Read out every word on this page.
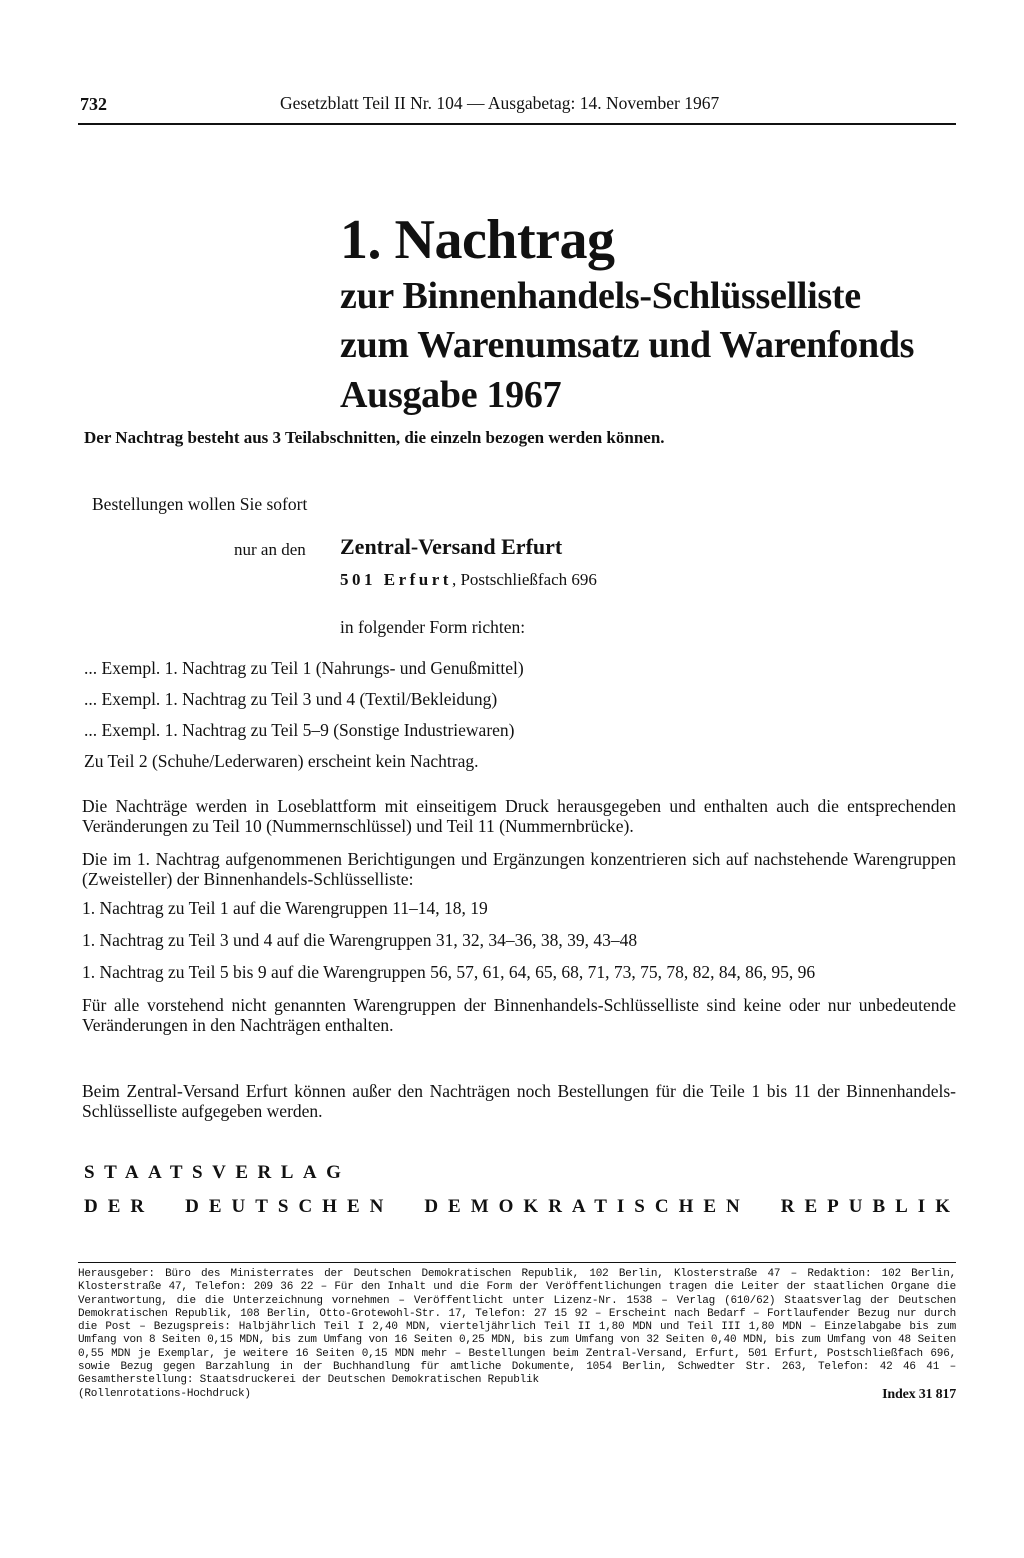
732	Gesetzblatt Teil II Nr. 104 — Ausgabetag: 14. November 1967
1. Nachtrag
zur Binnenhandels-Schlüsselliste
zum Warenumsatz und Warenfonds
Ausgabe 1967
Der Nachtrag besteht aus 3 Teilabschnitten, die einzeln bezogen werden können.
Bestellungen wollen Sie sofort
nur an den Zentral-Versand Erfurt
501 Erfurt, Postschließfach 696
in folgender Form richten:
... Exempl. 1. Nachtrag zu Teil 1 (Nahrungs- und Genußmittel)
... Exempl. 1. Nachtrag zu Teil 3 und 4 (Textil/Bekleidung)
... Exempl. 1. Nachtrag zu Teil 5–9 (Sonstige Industriewaren)
Zu Teil 2 (Schuhe/Lederwaren) erscheint kein Nachtrag.
Die Nachträge werden in Loseblattform mit einseitigem Druck herausgegeben und enthalten auch die entsprechenden Veränderungen zu Teil 10 (Nummernschlüssel) und Teil 11 (Nummernbrücke).
Die im 1. Nachtrag aufgenommenen Berichtigungen und Ergänzungen konzentrieren sich auf nachstehende Warengruppen (Zweisteller) der Binnenhandels-Schlüsselliste:
1. Nachtrag zu Teil 1 auf die Warengruppen 11–14, 18, 19
1. Nachtrag zu Teil 3 und 4 auf die Warengruppen 31, 32, 34–36, 38, 39, 43–48
1. Nachtrag zu Teil 5 bis 9 auf die Warengruppen 56, 57, 61, 64, 65, 68, 71, 73, 75, 78, 82, 84, 86, 95, 96
Für alle vorstehend nicht genannten Warengruppen der Binnenhandels-Schlüsselliste sind keine oder nur unbedeutende Veränderungen in den Nachträgen enthalten.
Beim Zentral-Versand Erfurt können außer den Nachträgen noch Bestellungen für die Teile 1 bis 11 der Binnenhandels-Schlüsselliste aufgegeben werden.
STAATSVERLAG
DER DEUTSCHEN DEMOKRATISCHEN REPUBLIK
Herausgeber: Büro des Ministerrates der Deutschen Demokratischen Republik, 102 Berlin, Klosterstraße 47 – Redaktion: 102 Berlin, Klosterstraße 47, Telefon: 209 36 22 – Für den Inhalt und die Form der Veröffentlichungen tragen die Leiter der staatlichen Organe die Verantwortung, die die Unterzeichnung vornehmen – Veröffentlicht unter Lizenz-Nr. 1538 – Verlag (610/62) Staatsverlag der Deutschen Demokratischen Republik, 108 Berlin, Otto-Grotewohl-Str. 17, Telefon: 27 15 92 – Erscheint nach Bedarf – Fortlaufender Bezug nur durch die Post – Bezugspreis: Halbjährlich Teil I 2,40 MDN, vierteljährlich Teil II 1,80 MDN und Teil III 1,80 MDN – Einzelabgabe bis zum Umfang von 8 Seiten 0,15 MDN, bis zum Umfang von 16 Seiten 0,25 MDN, bis zum Umfang von 32 Seiten 0,40 MDN, bis zum Umfang von 48 Seiten 0,55 MDN je Exemplar, je weitere 16 Seiten 0,15 MDN mehr – Bestellungen beim Zentral-Versand, Erfurt, 501 Erfurt, Postschließfach 696, sowie Bezug gegen Barzahlung in der Buchhandlung für amtliche Dokumente, 1054 Berlin, Schwedter Str. 263, Telefon: 42 46 41 – Gesamtherstellung: Staatsdruckerei der Deutschen Demokratischen Republik
(Rollenrotations-Hochdruck)	Index 31 817
